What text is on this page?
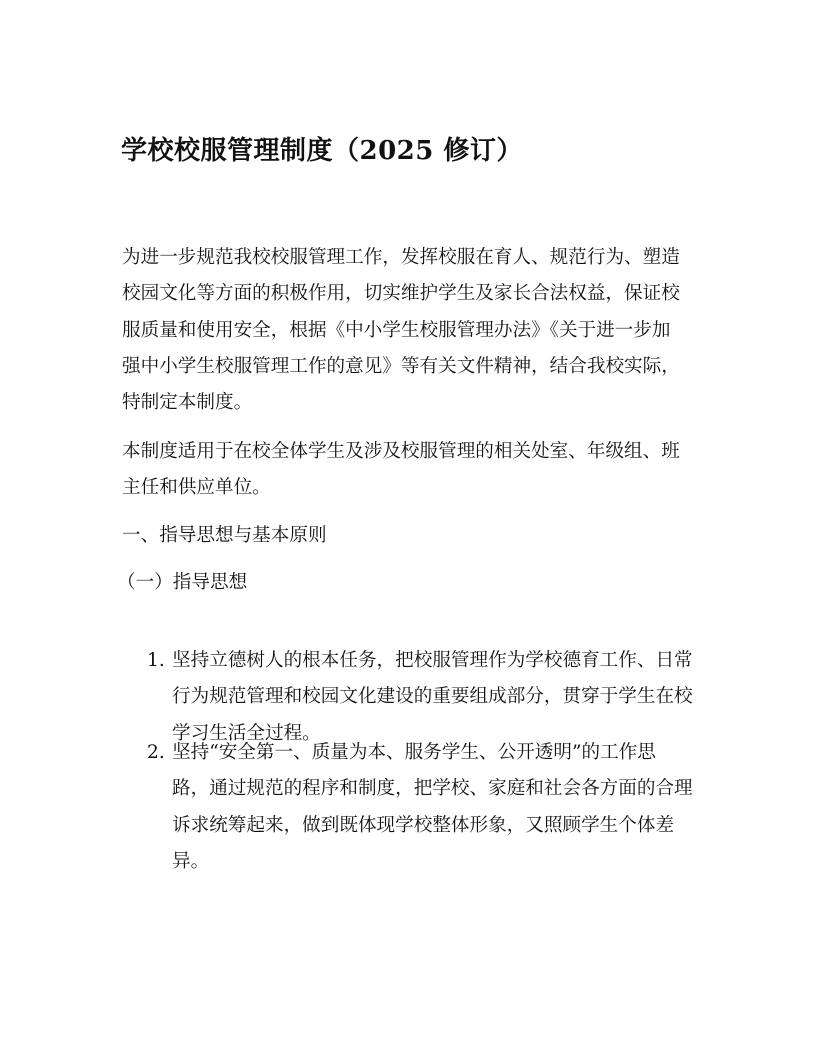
学校校服管理制度（2025 修订）
为进一步规范我校校服管理工作，发挥校服在育人、规范行为、塑造
校园文化等方面的积极作用，切实维护学生及家长合法权益，保证校
服质量和使用安全，根据《中小学生校服管理办法》《关于进一步加
强中小学生校服管理工作的意见》等有关文件精神，结合我校实际，
特制定本制度。
本制度适用于在校全体学生及涉及校服管理的相关处室、年级组、班
主任和供应单位。
一、指导思想与基本原则
（一）指导思想
1. 坚持立德树人的根本任务，把校服管理作为学校德育工作、日常
行为规范管理和校园文化建设的重要组成部分，贯穿于学生在校
学习生活全过程。
2. 坚持“安全第一、质量为本、服务学生、公开透明”的工作思
路，通过规范的程序和制度，把学校、家庭和社会各方面的合理
诉求统筹起来，做到既体现学校整体形象，又照顾学生个体差
异。
